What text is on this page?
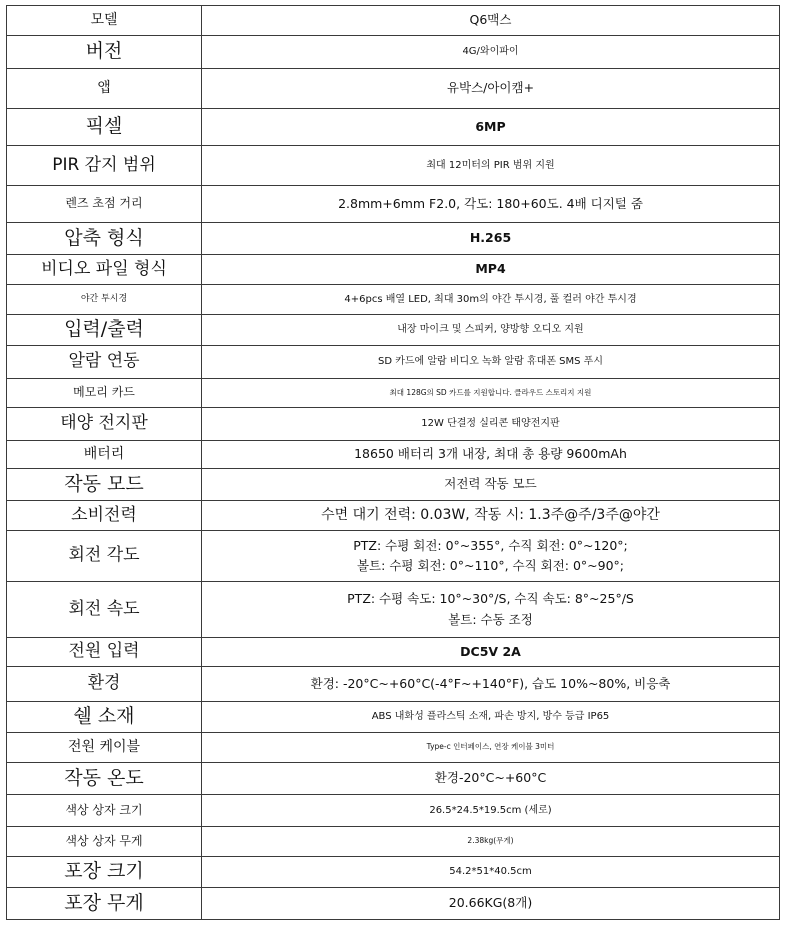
모델	Q6맥스

버전	4G/와이파이

앱	유박스/아이캠+

픽셀	6MP

PIR 감지 범위	최대 12미터의 PIR 범위 지원

렌즈 초점 거리	2.8mm+6mm F2.0, 각도: 180+60도. 4배 디지털 줌

압축 형식	H.265

비디오 파일 형식	MP4

야간 투시경	4+6pcs 배열 LED, 최대 30m의 야간 투시경, 풀 컬러 야간 투시경

입력/출력	내장 마이크 및 스피커, 양방향 오디오 지원

알람 연동	SD 카드에 알람 비디오 녹화 알람 휴대폰 SMS 푸시

메모리 카드	최대 128G의 SD 카드를 지원합니다. 클라우드 스토리지 지원

태양 전지판	12W 단결정 실리콘 태양전지판

배터리	18650 배터리 3개 내장, 최대 총 용량 9600mAh

작동 모드	저전력 작동 모드

소비전력	수면 대기 전력: 0.03W, 작동 시: 1.3주@주/3주@야간

회전 각도	PTZ: 수평 회전: 0°~355°, 수직 회전: 0°~120°;
볼트: 수평 회전: 0°~110°, 수직 회전: 0°~90°;

회전 속도	PTZ: 수평 속도: 10°~30°/S, 수직 속도: 8°~25°/S
볼트: 수동 조정

전원 입력	DC5V 2A

환경	환경: -20°C~+60°C(-4°F~+140°F), 습도 10%~80%, 비응축

쉘 소재	ABS 내화성 플라스틱 소재, 파손 방지, 방수 등급 IP65

전원 케이블	Type-c 인터페이스, 연장 케이블 3미터

작동 온도	환경-20°C~+60°C

색상 상자 크기	26.5*24.5*19.5cm (세로)

색상 상자 무게	2.38kg(무게)

포장 크기	54.2*51*40.5cm

포장 무게	20.66KG(8개)
